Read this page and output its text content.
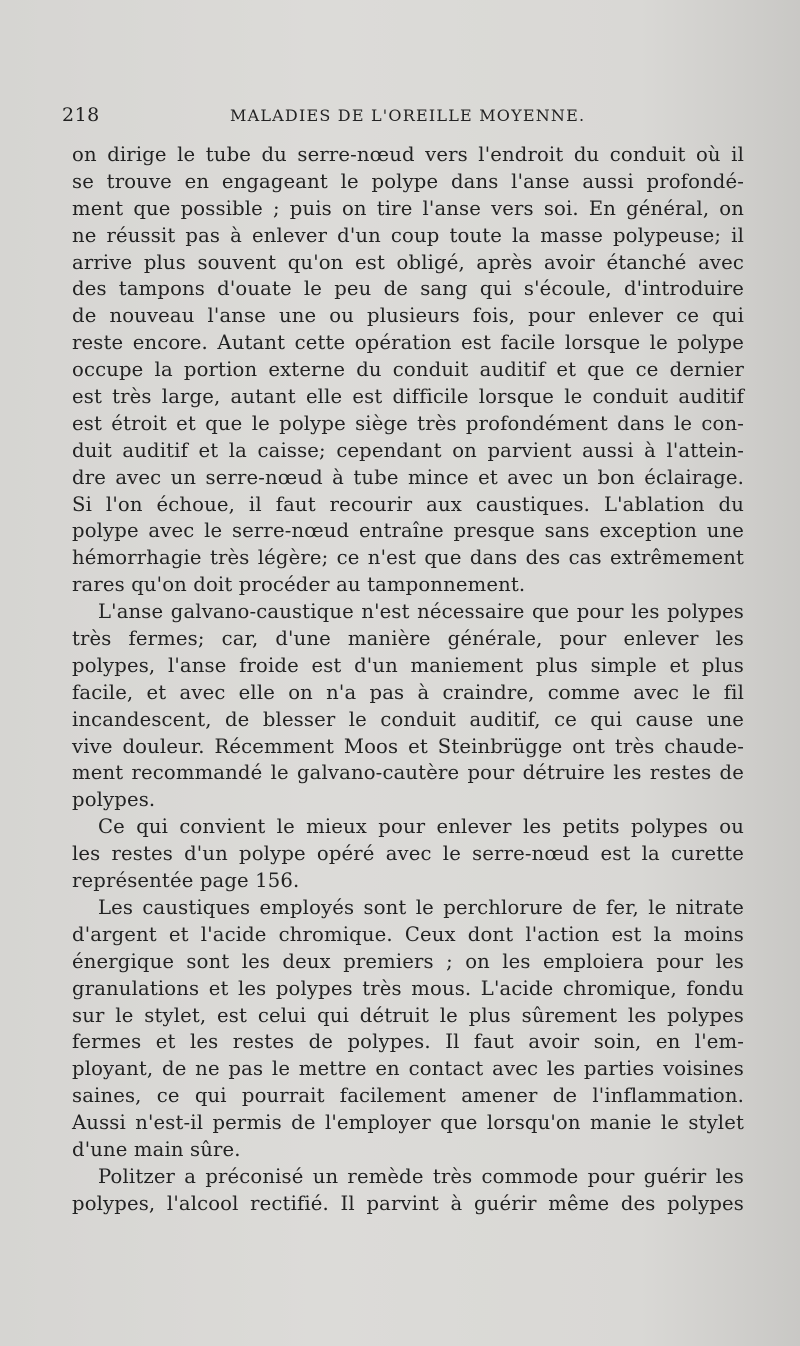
218	MALADIES DE L'OREILLE MOYENNE.
on dirige le tube du serre-nœud vers l'endroit du conduit où il
se trouve en engageant le polype dans l'anse aussi profondé-
ment que possible ; puis on tire l'anse vers soi. En général, on
ne réussit pas à enlever d'un coup toute la masse polypeuse; il
arrive plus souvent qu'on est obligé, après avoir étanché avec
des tampons d'ouate le peu de sang qui s'écoule, d'introduire
de nouveau l'anse une ou plusieurs fois, pour enlever ce qui
reste encore. Autant cette opération est facile lorsque le polype
occupe la portion externe du conduit auditif et que ce dernier
est très large, autant elle est difficile lorsque le conduit auditif
est étroit et que le polype siège très profondément dans le con-
duit auditif et la caisse; cependant on parvient aussi à l'attein-
dre avec un serre-nœud à tube mince et avec un bon éclairage.
Si l'on échoue, il faut recourir aux caustiques. L'ablation du
polype avec le serre-nœud entraîne presque sans exception une
hémorrhagie très légère; ce n'est que dans des cas extrêmement
rares qu'on doit procéder au tamponnement.
L'anse galvano-caustique n'est nécessaire que pour les polypes
très fermes; car, d'une manière générale, pour enlever les
polypes, l'anse froide est d'un maniement plus simple et plus
facile, et avec elle on n'a pas à craindre, comme avec le fil
incandescent, de blesser le conduit auditif, ce qui cause une
vive douleur. Récemment Moos et Steinbrügge ont très chaude-
ment recommandé le galvano-cautère pour détruire les restes de
polypes.
Ce qui convient le mieux pour enlever les petits polypes ou
les restes d'un polype opéré avec le serre-nœud est la curette
représentée page 156.
Les caustiques employés sont le perchlorure de fer, le nitrate
d'argent et l'acide chromique. Ceux dont l'action est la moins
énergique sont les deux premiers ; on les emploiera pour les
granulations et les polypes très mous. L'acide chromique, fondu
sur le stylet, est celui qui détruit le plus sûrement les polypes
fermes et les restes de polypes. Il faut avoir soin, en l'em-
ployant, de ne pas le mettre en contact avec les parties voisines
saines, ce qui pourrait facilement amener de l'inflammation.
Aussi n'est-il permis de l'employer que lorsqu'on manie le stylet
d'une main sûre.
Politzer a préconisé un remède très commode pour guérir les
polypes, l'alcool rectifié. Il parvint à guérir même des polypes
